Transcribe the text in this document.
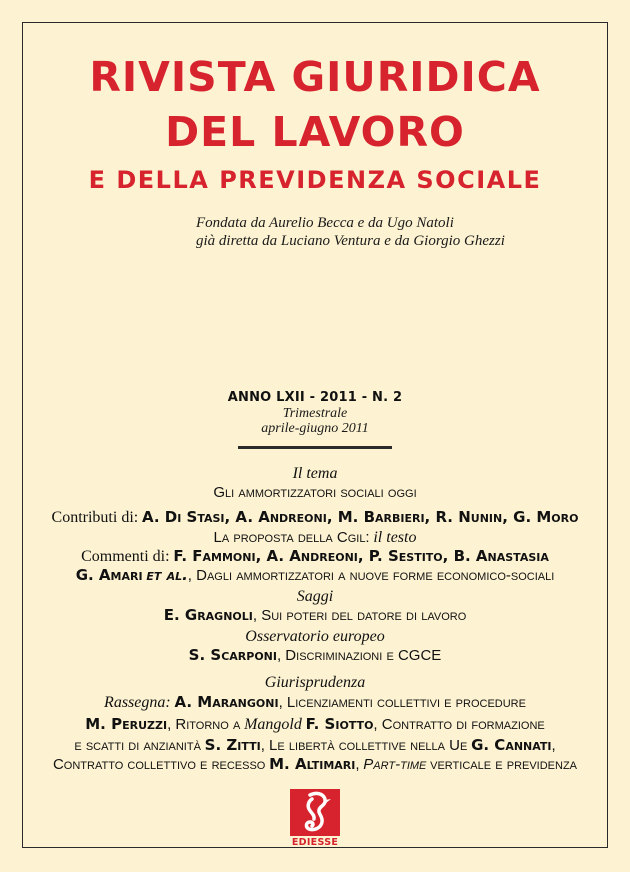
RIVISTA GIURIDICA
DEL LAVORO
E DELLA PREVIDENZA SOCIALE
Fondata da Aurelio Becca e da Ugo Natoli
già diretta da Luciano Ventura e da Giorgio Ghezzi
ANNO LXII - 2011 - N. 2
Trimestrale
aprile-giugno 2011
Il tema
Gli ammortizzatori sociali oggi
Contributi di: A. Di Stasi, A. Andreoni, M. Barbieri, R. Nunin, G. Moro
La proposta della Cgil: il testo
Commenti di: F. Fammoni, A. Andreoni, P. Sestito, B. Anastasia
G. Amari et al., Dagli ammortizzatori a nuove forme economico-sociali
Saggi
E. Gragnoli, Sui poteri del datore di lavoro
Osservatorio europeo
S. Scarponi, Discriminazioni e CGCE
Giurisprudenza
Rassegna: A. Marangoni, Licenziamenti collettivi e procedure
M. Peruzzi, Ritorno a Mangold F. Siotto, Contratto di formazione
e scatti di anzianità S. Zitti, Le libertà collettive nella Ue G. Cannati,
Contratto collettivo e recesso M. Altimari, Part-time verticale e previdenza
EDIESSE
